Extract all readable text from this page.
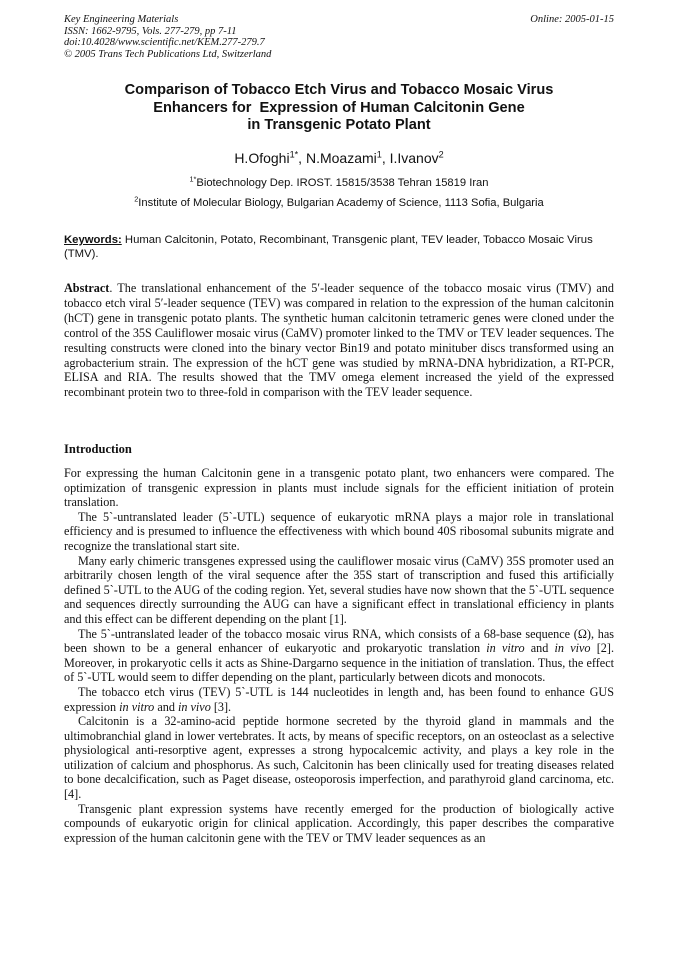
Key Engineering Materials
ISSN: 1662-9795, Vols. 277-279, pp 7-11
doi:10.4028/www.scientific.net/KEM.277-279.7
© 2005 Trans Tech Publications Ltd, Switzerland
Online: 2005-01-15
Comparison of Tobacco Etch Virus and Tobacco Mosaic Virus
Enhancers for  Expression of Human Calcitonin Gene
in Transgenic Potato Plant
H.Ofoghi$^{1*}$, N.Moazami$^1$, I.Ivanov$^2$
$^{1*}$Biotechnology Dep. IROST. 15815/3538 Tehran 15819 Iran
$^2$Institute of Molecular Biology, Bulgarian Academy of Science, 1113 Sofia, Bulgaria
Keywords: Human Calcitonin, Potato, Recombinant, Transgenic plant, TEV leader, Tobacco Mosaic Virus (TMV).
Abstract. The translational enhancement of the 5′-leader sequence of the tobacco mosaic virus (TMV) and tobacco etch viral 5′-leader sequence (TEV) was compared in relation to the expression of the human calcitonin (hCT) gene in transgenic potato plants. The synthetic human calcitonin tetrameric genes were cloned under the control of the 35S Cauliflower mosaic virus (CaMV) promoter linked to the TMV or TEV leader sequences. The resulting constructs were cloned into the binary vector Bin19 and potato minituber discs transformed using an agrobacterium strain. The expression of the hCT gene was studied by mRNA-DNA hybridization, a RT-PCR, ELISA and RIA. The results showed that the TMV omega element increased the yield of the expressed recombinant protein two to three-fold in comparison with the TEV leader sequence.
Introduction

For expressing the human Calcitonin gene in a transgenic potato plant, two enhancers were compared. The optimization of transgenic expression in plants must include signals for the efficient initiation of protein translation.

The 5`-untranslated leader (5`-UTL) sequence of eukaryotic mRNA plays a major role in translational efficiency and is presumed to influence the effectiveness with which bound 40S ribosomal subunits migrate and recognize the translational start site.

Many early chimeric transgenes expressed using the cauliflower mosaic virus (CaMV) 35S promoter used an arbitrarily chosen length of the viral sequence after the 35S start of transcription and fused this artificially defined 5`-UTL to the AUG of the coding region. Yet, several studies have now shown that the 5`-UTL sequence and sequences directly surrounding the AUG can have a significant effect in translational efficiency in plants and this effect can be different depending on the plant [1].

The 5`-untranslated leader of the tobacco mosaic virus RNA, which consists of a 68-base sequence (Ω), has been shown to be a general enhancer of eukaryotic and prokaryotic translation in vitro and in vivo [2]. Moreover, in prokaryotic cells it acts as Shine-Dargarno sequence in the initiation of translation. Thus, the effect of 5`-UTL would seem to differ depending on the plant, particularly between dicots and monocots.

The tobacco etch virus (TEV) 5`-UTL is 144 nucleotides in length and, has been found to enhance GUS expression in vitro and in vivo [3].

Calcitonin is a 32-amino-acid peptide hormone secreted by the thyroid gland in mammals and the ultimobranchial gland in lower vertebrates. It acts, by means of specific receptors, on an osteoclast as a selective physiological anti-resorptive agent, expresses a strong hypocalcemic activity, and plays a key role in the utilization of calcium and phosphorus. As such, Calcitonin has been clinically used for treating diseases related to bone decalcification, such as Paget disease, osteoporosis imperfection, and parathyroid gland carcinoma, etc. [4].

Transgenic plant expression systems have recently emerged for the production of biologically active compounds of eukaryotic origin for clinical application. Accordingly, this paper describes the comparative expression of the human calcitonin gene with the TEV or TMV leader sequences as an
